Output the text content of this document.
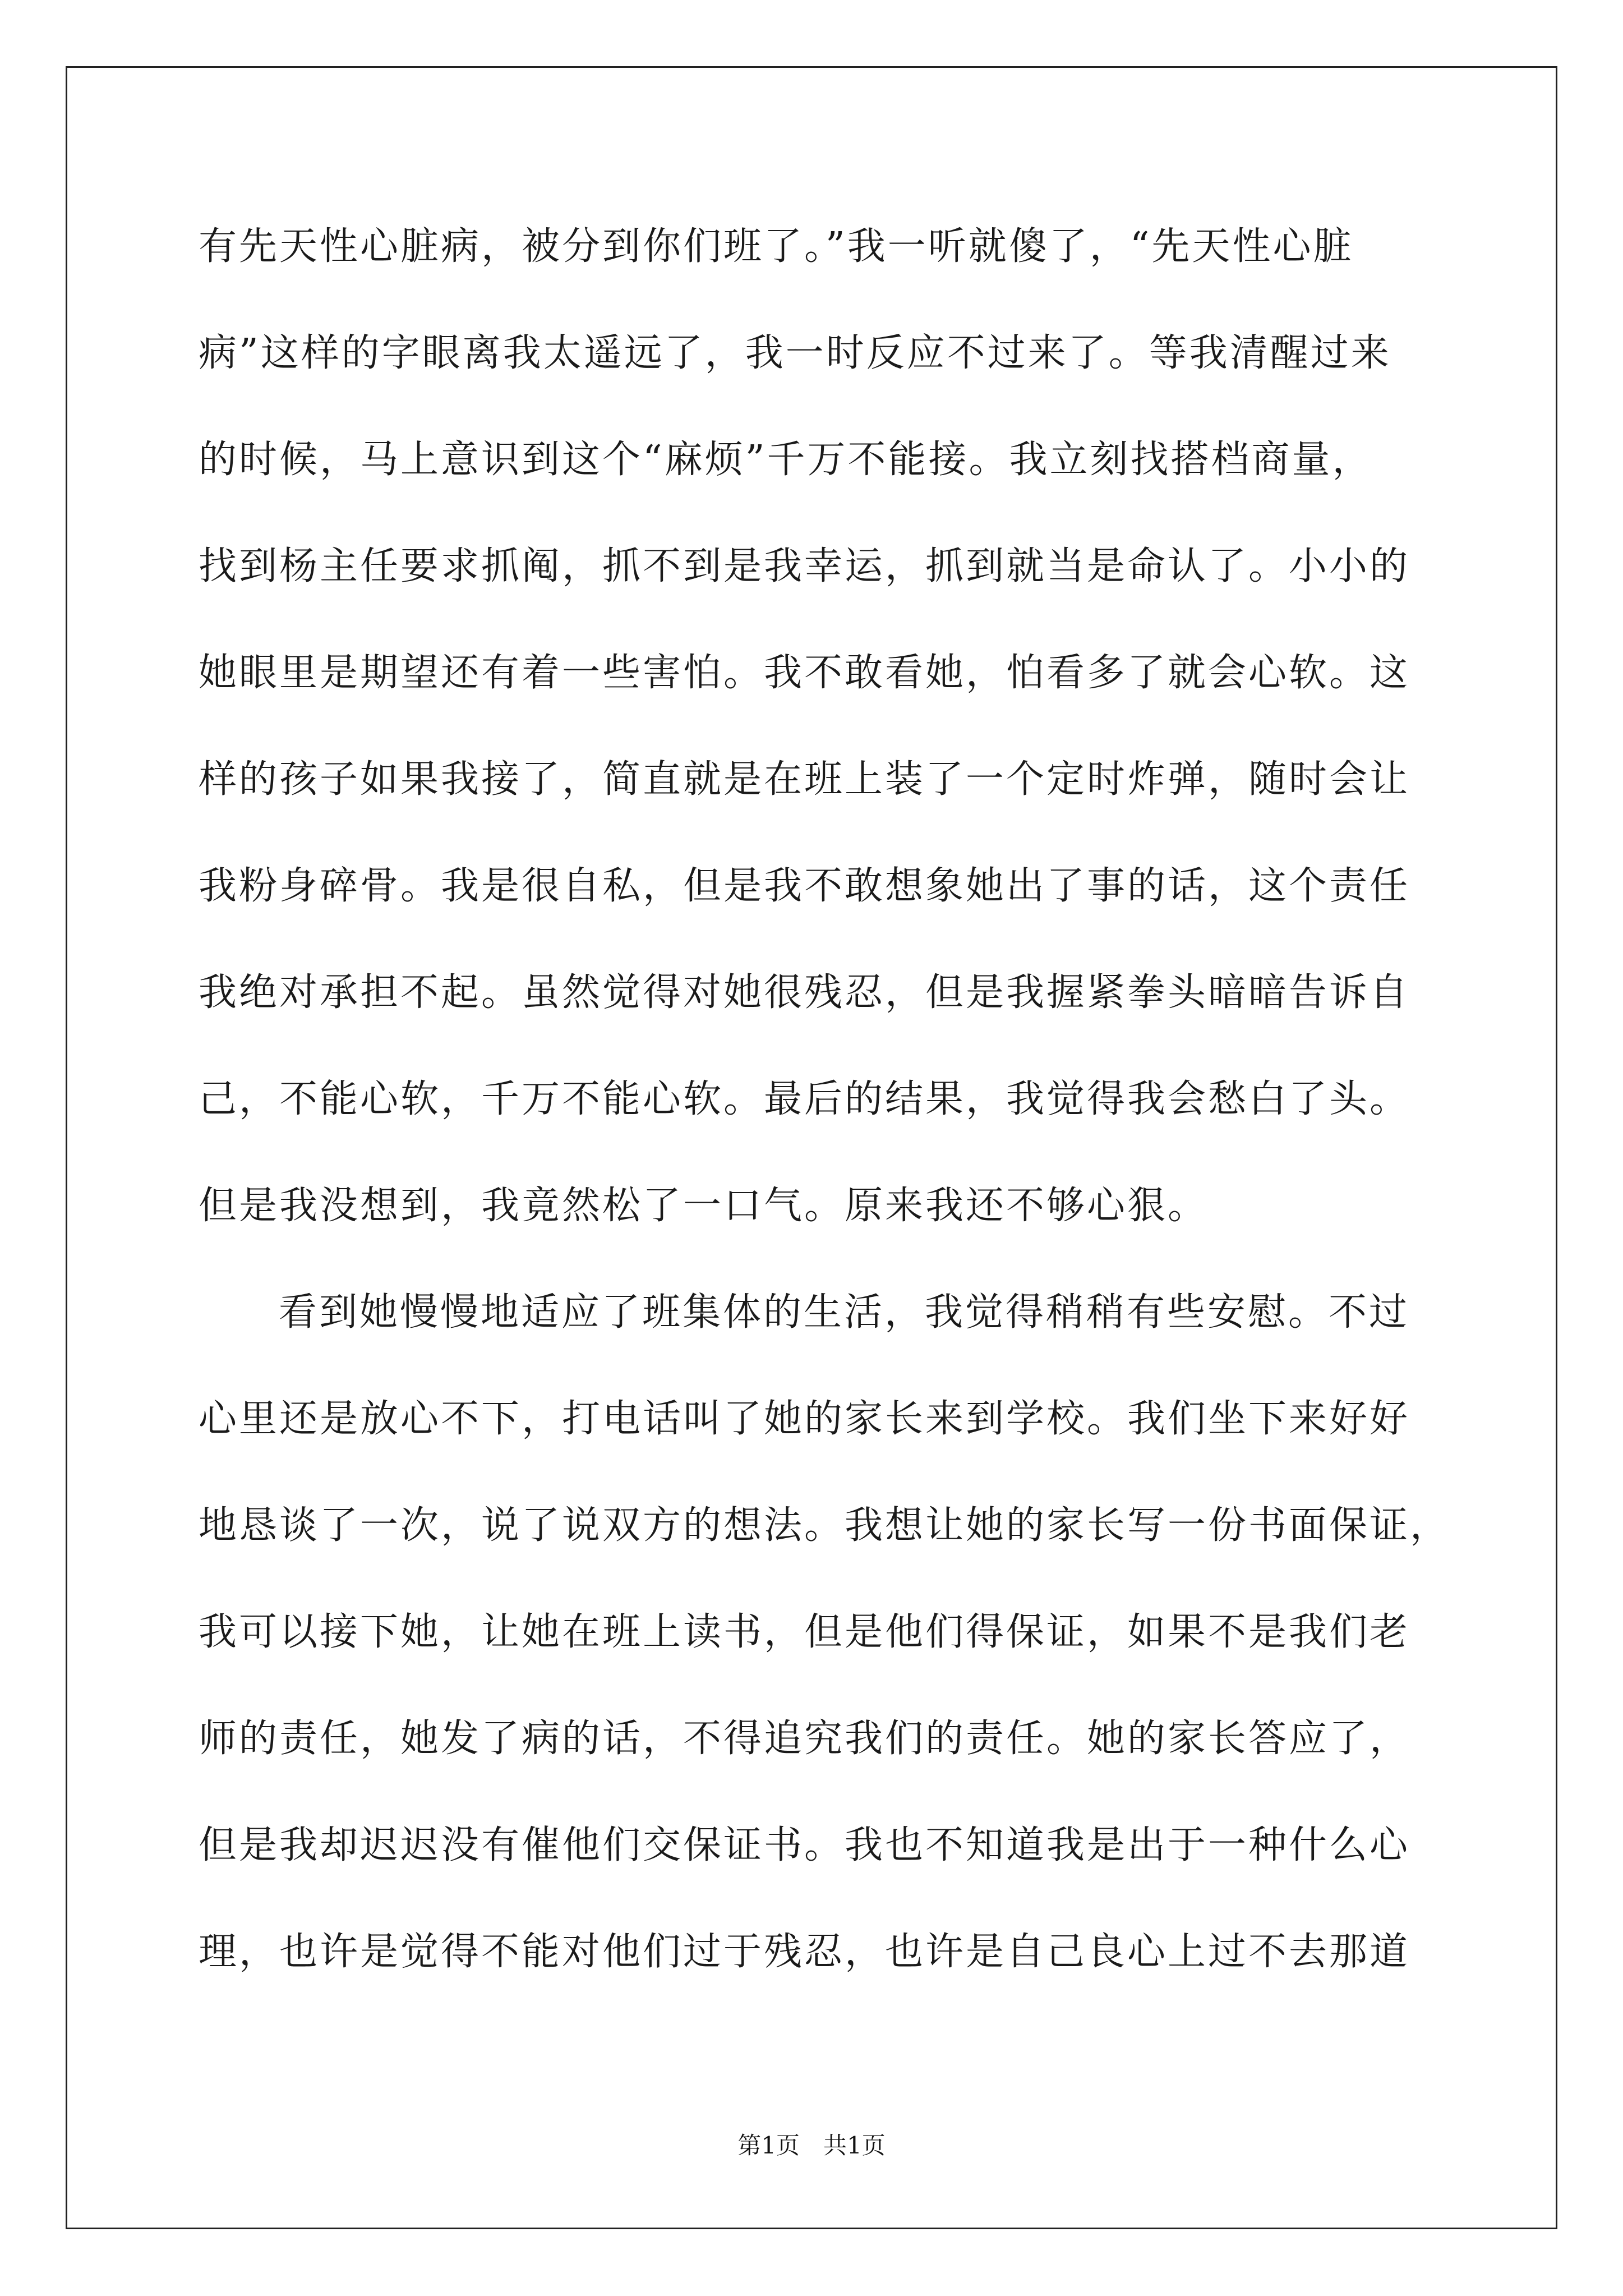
有先天性心脏病，被分到你们班了。”我一听就傻了，“先天性心脏
病”这样的字眼离我太遥远了，我一时反应不过来了。等我清醒过来
的时候，马上意识到这个“麻烦”千万不能接。我立刻找搭档商量，
找到杨主任要求抓阄，抓不到是我幸运，抓到就当是命认了。小小的
她眼里是期望还有着一些害怕。我不敢看她，怕看多了就会心软。这
样的孩子如果我接了，简直就是在班上装了一个定时炸弹，随时会让
我粉身碎骨。我是很自私，但是我不敢想象她出了事的话，这个责任
我绝对承担不起。虽然觉得对她很残忍，但是我握紧拳头暗暗告诉自
己，不能心软，千万不能心软。最后的结果，我觉得我会愁白了头。
但是我没想到，我竟然松了一口气。原来我还不够心狠。
看到她慢慢地适应了班集体的生活，我觉得稍稍有些安慰。不过
心里还是放心不下，打电话叫了她的家长来到学校。我们坐下来好好
地恳谈了一次，说了说双方的想法。我想让她的家长写一份书面保证，
我可以接下她，让她在班上读书，但是他们得保证，如果不是我们老
师的责任，她发了病的话，不得追究我们的责任。她的家长答应了，
但是我却迟迟没有催他们交保证书。我也不知道我是出于一种什么心
理，也许是觉得不能对他们过于残忍，也许是自己良心上过不去那道
第1页　共1页
